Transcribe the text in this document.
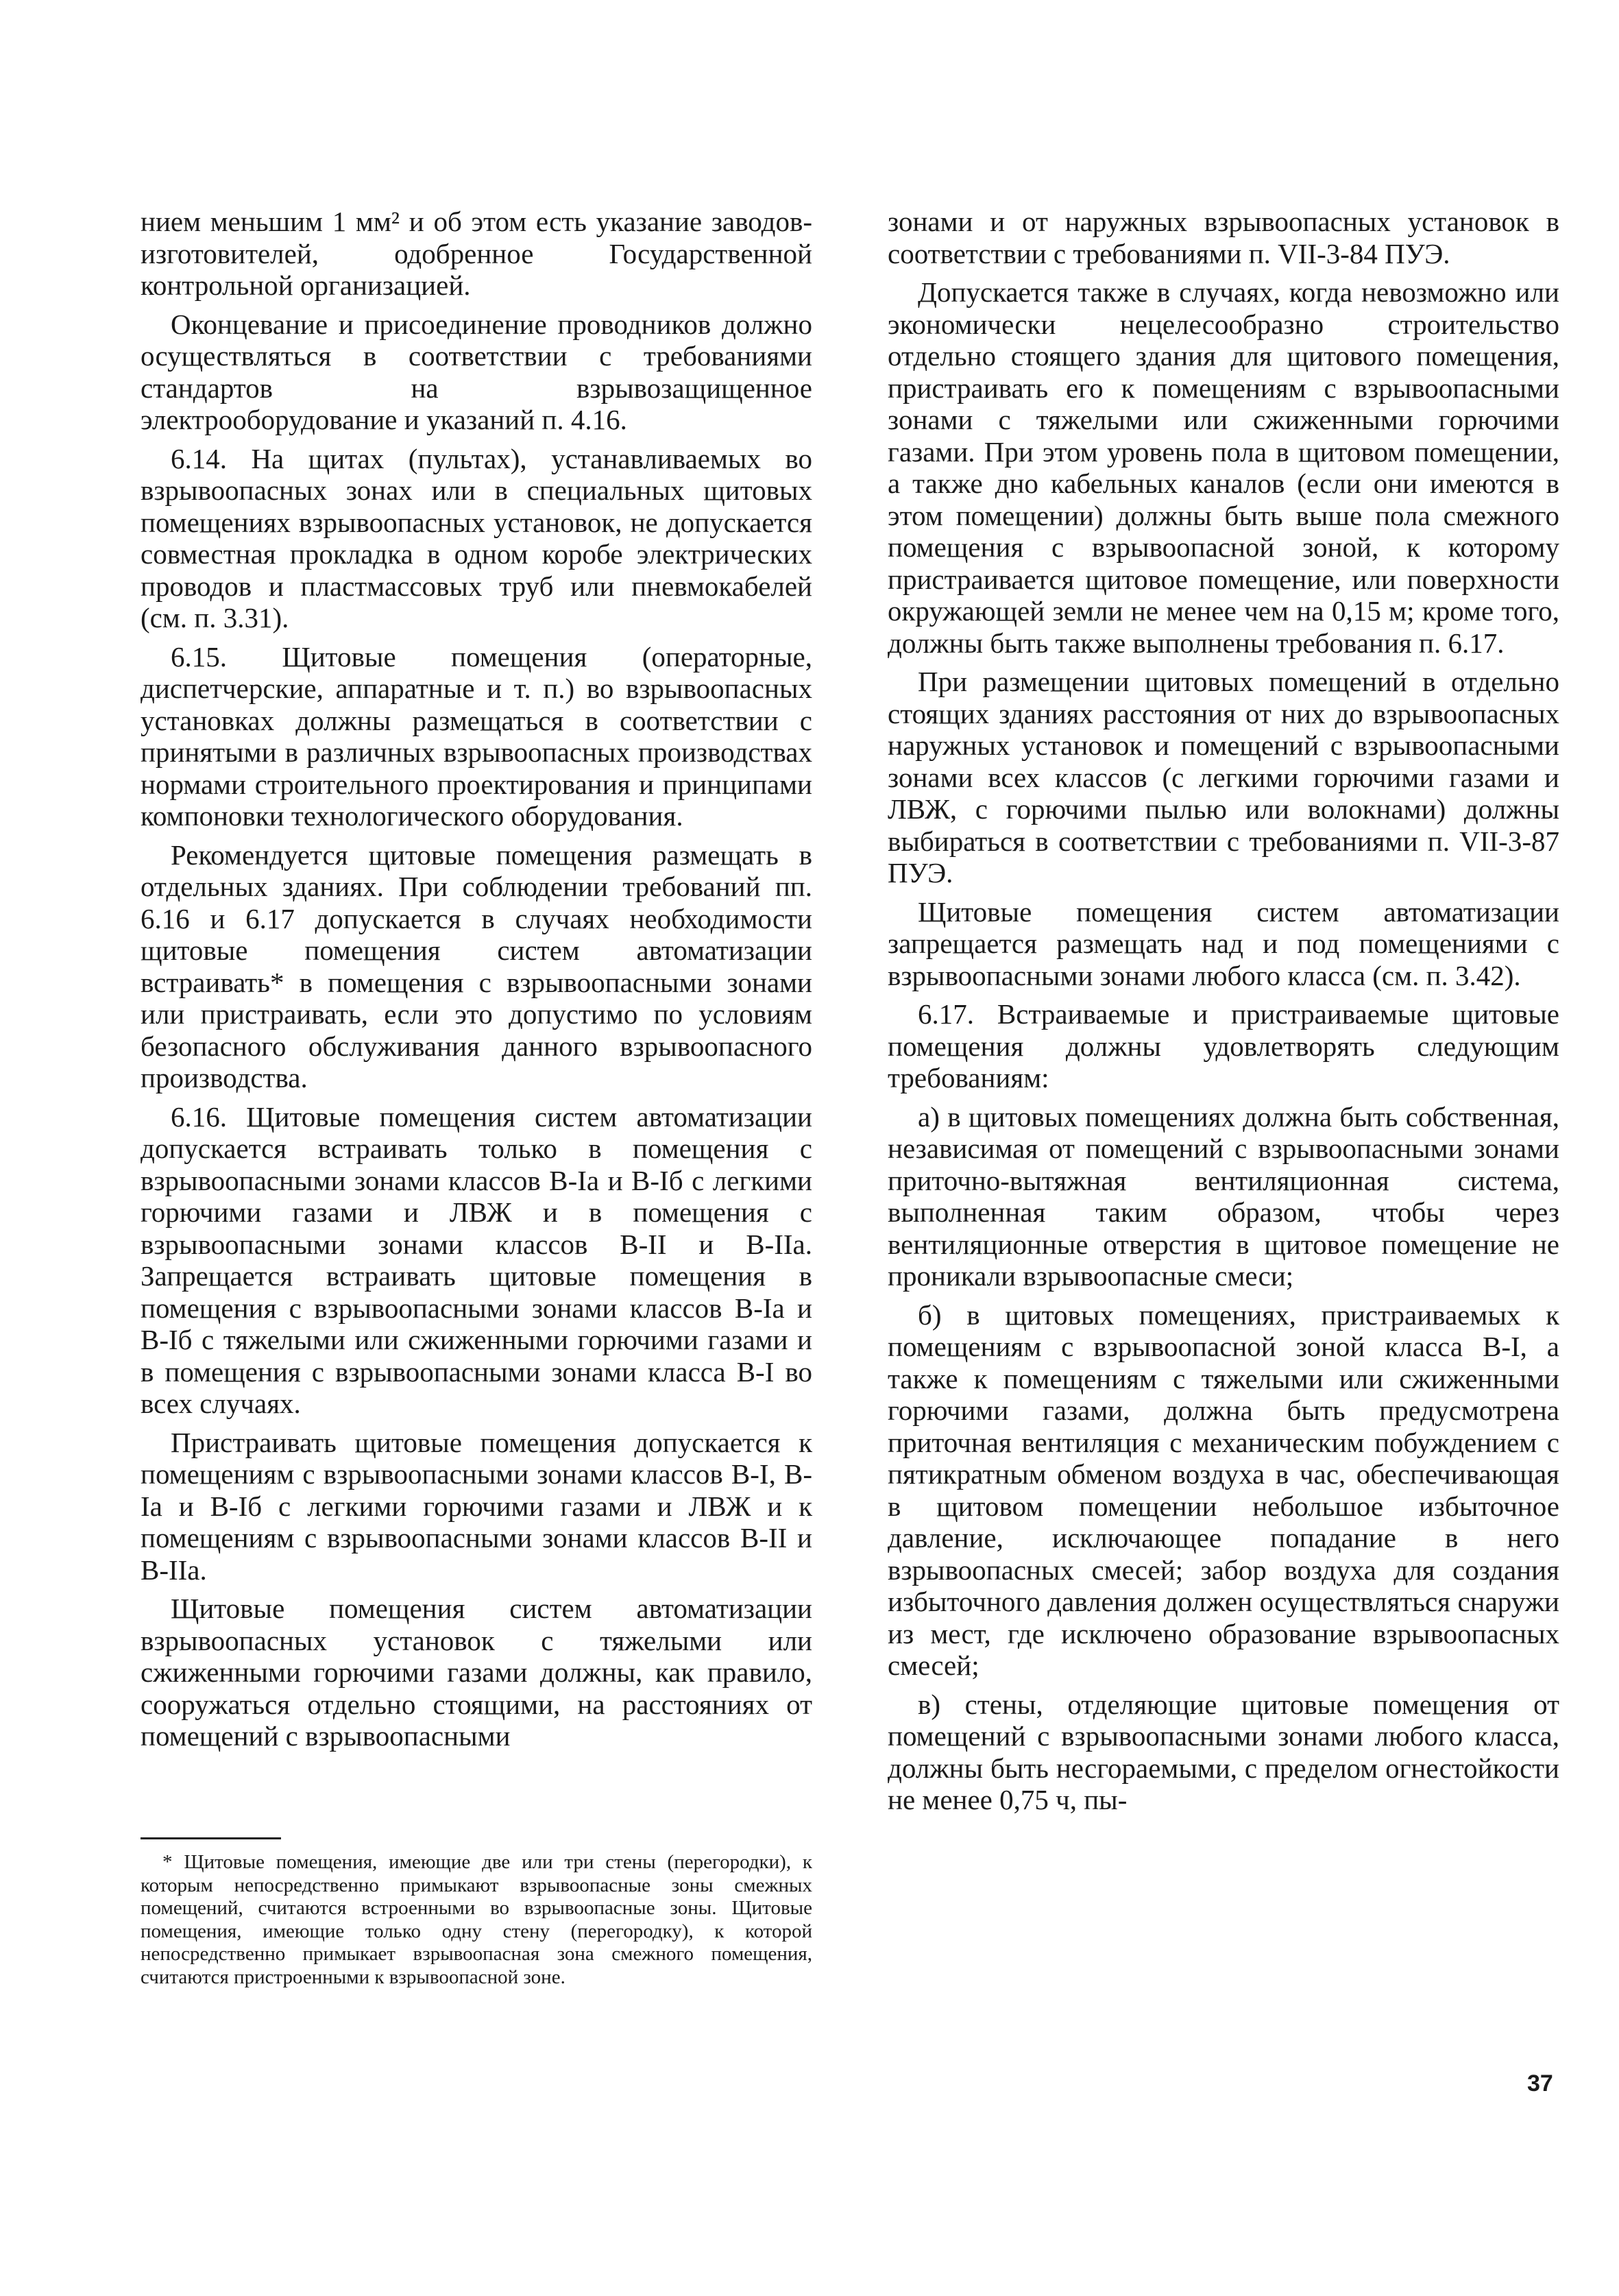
нием меньшим 1 мм² и об этом есть указание заводов-изготовителей, одобренное Государственной контрольной организацией.

Оконцевание и присоединение проводников должно осуществляться в соответствии с требованиями стандартов на взрывозащищенное электрооборудование и указаний п. 4.16.

6.14. На щитах (пультах), устанавливаемых во взрывоопасных зонах или в специальных щитовых помещениях взрывоопасных установок, не допускается совместная прокладка в одном коробе электрических проводов и пластмассовых труб или пневмокабелей (см. п. 3.31).

6.15. Щитовые помещения (операторные, диспетчерские, аппаратные и т. п.) во взрывоопасных установках должны размещаться в соответствии с принятыми в различных взрывоопасных производствах нормами строительного проектирования и принципами компоновки технологического оборудования.

Рекомендуется щитовые помещения размещать в отдельных зданиях. При соблюдении требований пп. 6.16 и 6.17 допускается в случаях необходимости щитовые помещения систем автоматизации встраивать* в помещения с взрывоопасными зонами или пристраивать, если это допустимо по условиям безопасного обслуживания данного взрывоопасного производства.

6.16. Щитовые помещения систем автоматизации допускается встраивать только в помещения с взрывоопасными зонами классов В-Iа и В-Iб с легкими горючими газами и ЛВЖ и в помещения с взрывоопасными зонами классов В-II и В-IIа. Запрещается встраивать щитовые помещения в помещения с взрывоопасными зонами классов В-Iа и В-Iб с тяжелыми или сжиженными горючими газами и в помещения с взрывоопасными зонами класса В-I во всех случаях.

Пристраивать щитовые помещения допускается к помещениям с взрывоопасными зонами классов В-I, В-Iа и В-Iб с легкими горючими газами и ЛВЖ и к помещениям с взрывоопасными зонами классов В-II и В-IIа.

Щитовые помещения систем автоматизации взрывоопасных установок с тяжелыми или сжиженными горючими газами должны, как правило, сооружаться отдельно стоящими, на расстояниях от помещений с взрывоопасными

* Щитовые помещения, имеющие две или три стены (перегородки), к которым непосредственно примыкают взрывоопасные зоны смежных помещений, считаются встроенными во взрывоопасные зоны. Щитовые помещения, имеющие только одну стену (перегородку), к которой непосредственно примыкает взрывоопасная зона смежного помещения, считаются пристроенными к взрывоопасной зоне.

зонами и от наружных взрывоопасных установок в соответствии с требованиями п. VII-3-84 ПУЭ.

Допускается также в случаях, когда невозможно или экономически нецелесообразно строительство отдельно стоящего здания для щитового помещения, пристраивать его к помещениям с взрывоопасными зонами с тяжелыми или сжиженными горючими газами. При этом уровень пола в щитовом помещении, а также дно кабельных каналов (если они имеются в этом помещении) должны быть выше пола смежного помещения с взрывоопасной зоной, к которому пристраивается щитовое помещение, или поверхности окружающей земли не менее чем на 0,15 м; кроме того, должны быть также выполнены требования п. 6.17.

При размещении щитовых помещений в отдельно стоящих зданиях расстояния от них до взрывоопасных наружных установок и помещений с взрывоопасными зонами всех классов (с легкими горючими газами и ЛВЖ, с горючими пылью или волокнами) должны выбираться в соответствии с требованиями п. VII-3-87 ПУЭ.

Щитовые помещения систем автоматизации запрещается размещать над и под помещениями с взрывоопасными зонами любого класса (см. п. 3.42).

6.17. Встраиваемые и пристраиваемые щитовые помещения должны удовлетворять следующим требованиям:

а) в щитовых помещениях должна быть собственная, независимая от помещений с взрывоопасными зонами приточно-вытяжная вентиляционная система, выполненная таким образом, чтобы через вентиляционные отверстия в щитовое помещение не проникали взрывоопасные смеси;

б) в щитовых помещениях, пристраиваемых к помещениям с взрывоопасной зоной класса В-I, а также к помещениям с тяжелыми или сжиженными горючими газами, должна быть предусмотрена приточная вентиляция с механическим побуждением с пятикратным обменом воздуха в час, обеспечивающая в щитовом помещении небольшое избыточное давление, исключающее попадание в него взрывоопасных смесей; забор воздуха для создания избыточного давления должен осуществляться снаружи из мест, где исключено образование взрывоопасных смесей;

в) стены, отделяющие щитовые помещения от помещений с взрывоопасными зонами любого класса, должны быть несгораемыми, с пределом огнестойкости не менее 0,75 ч, пы-

37
